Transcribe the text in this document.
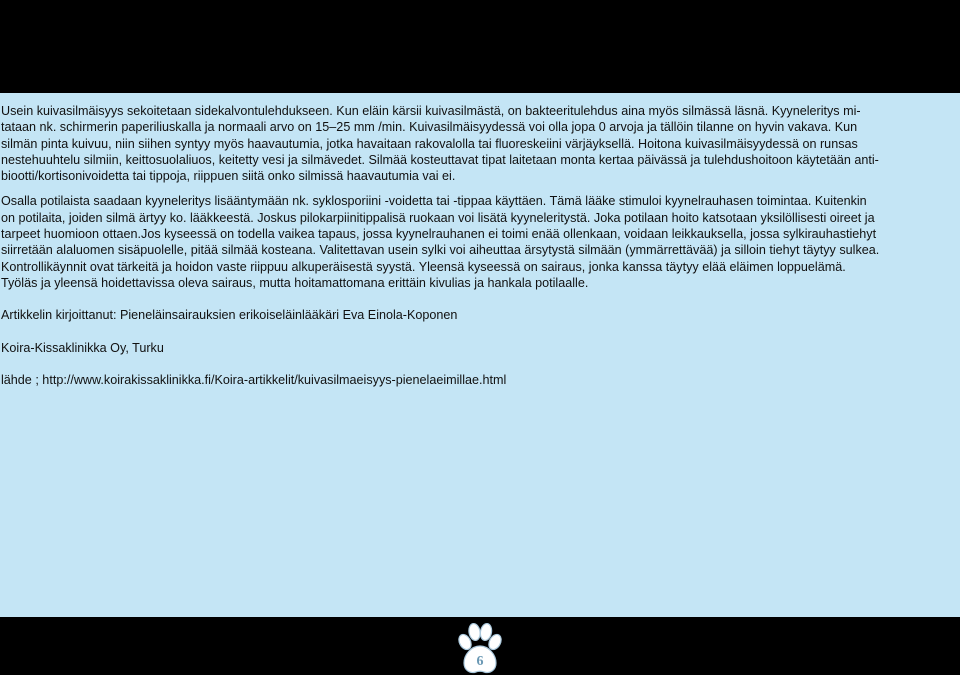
Usein kuivasilmäisyys sekoitetaan sidekalvontulehdukseen. Kun eläin kärsii kuivasilmästä, on bakteeritulehdus aina myös silmässä läsnä. Kyyneleritys mi-
tataan nk. schirmerin paperiliuskalla ja normaali arvo on 15–25 mm /min. Kuivasilmäisyydessä voi olla jopa 0 arvoja ja tällöin tilanne on hyvin vakava. Kun
silmän pinta kuivuu, niin siihen syntyy myös haavautumia, jotka havaitaan rakovalolla tai fluoreskeiini värjäyksellä. Hoitona kuivasilmäisyydessä on runsas
nestehuuhtelu silmiin, keittosuolaliuos, keitetty vesi ja silmävedet. Silmää kosteuttavat tipat laitetaan monta kertaa päivässä ja tulehdushoitoon käytetään anti-
biootti/kortisonivoidetta tai tippoja, riippuen siitä onko silmissä haavautumia vai ei.

Osalla potilaista saadaan kyyneleritys lisääntymään nk. syklosporiini -voidetta tai -tippaa käyttäen. Tämä lääke stimuloi kyynelrauhasen toimintaa. Kuitenkin
on potilaita, joiden silmä ärtyy ko. lääkkeestä. Joskus pilokarpiinitippalisä ruokaan voi lisätä kyyneleritystä. Joka potilaan hoito katsotaan yksilöllisesti oireet ja
tarpeet huomioon ottaen.Jos kyseessä on todella vaikea tapaus, jossa kyynelrauhanen ei toimi enää ollenkaan, voidaan leikkauksella, jossa sylkirauhastiehyt
siirretään alaluomen sisäpuolelle, pitää silmää kosteana. Valitettavan usein sylki voi aiheuttaa ärsytystä silmään (ymmärrettävää) ja silloin tiehyt täytyy sulkea.
Kontrollikäynnit ovat tärkeitä ja hoidon vaste riippuu alkuperäisestä syystä. Yleensä kyseessä on sairaus, jonka kanssa täytyy elää eläimen loppuelämä.
Työläs ja yleensä hoidettavissa oleva sairaus, mutta hoitamattomana erittäin kivulias ja hankala potilaalle.

Artikkelin kirjoittanut: Pieneläinsairauksien erikoiseläinlääkäri Eva Einola-Koponen

Koira-Kissaklinikka Oy, Turku

lähde ; http://www.koirakissaklinikka.fi/Koira-artikkelit/kuivasilmaeisyys-pienelaeimillae.html

6
